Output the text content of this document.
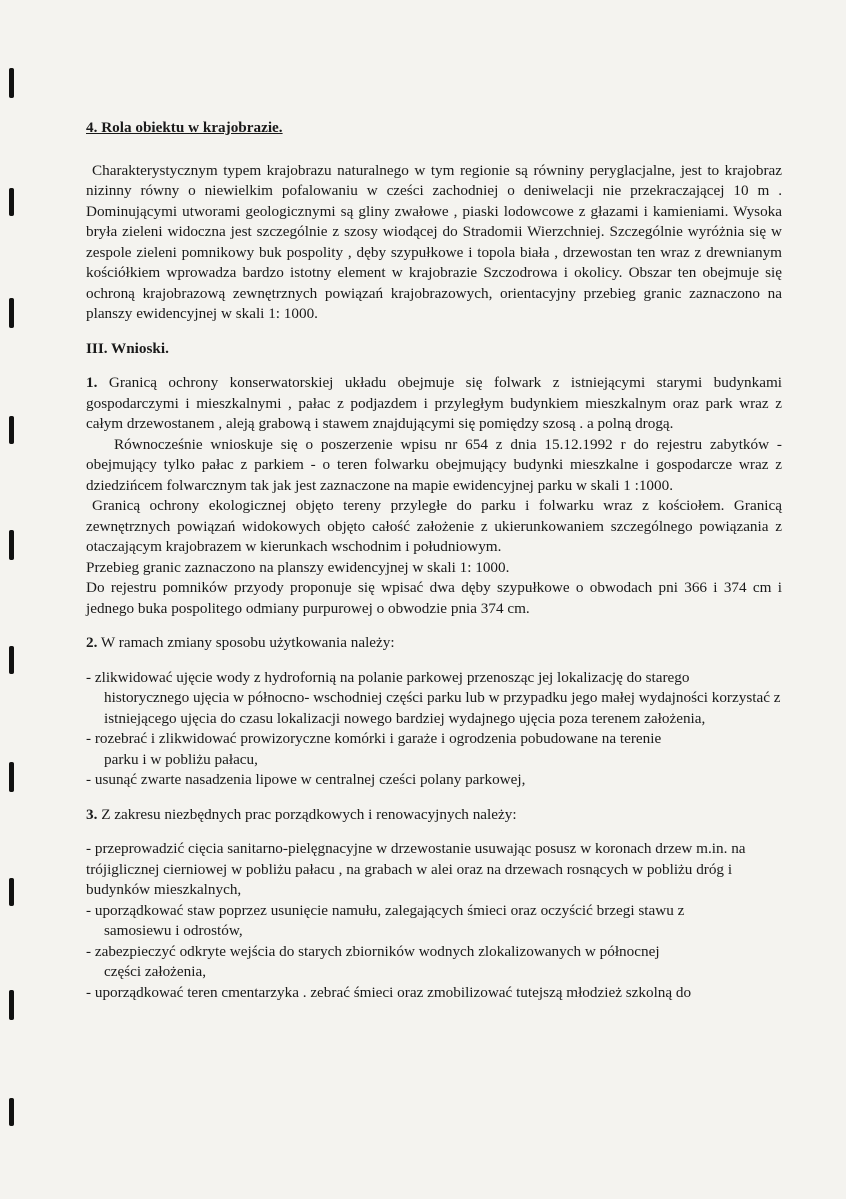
4. Rola obiektu w krajobrazie.

Charakterystycznym typem krajobrazu naturalnego w tym regionie są równiny peryglacjalne, jest to krajobraz nizinny równy o niewielkim pofalowaniu w cześci zachodniej o deniwelacji nie przekraczającej 10 m . Dominującymi utworami geologicznymi są gliny zwałowe , piaski lodowcowe z głazami i kamieniami. Wysoka bryła zieleni widoczna jest szczególnie z szosy wiodącej do Stradomii Wierzchniej. Szczególnie wyróżnia się w zespole zieleni pomnikowy buk pospolity , dęby szypułkowe i topola biała , drzewostan ten wraz z drewnianym kościółkiem wprowadza bardzo istotny element w krajobrazie Szczodrowa i okolicy. Obszar ten obejmuje się ochroną krajobrazową zewnętrznych powiązań krajobrazowych, orientacyjny przebieg granic zaznaczono na planszy ewidencyjnej w skali 1: 1000.

III. Wnioski.

1. Granicą ochrony konserwatorskiej układu obejmuje się folwark z istniejącymi starymi budynkami gospodarczymi i mieszkalnymi , pałac z podjazdem i przyległym budynkiem mieszkalnym oraz park wraz z całym drzewostanem , aleją grabową i stawem znajdującymi się pomiędzy szosą . a polną drogą.

Równocześnie wnioskuje się o poszerzenie wpisu nr 654 z dnia 15.12.1992 r do rejestru zabytków - obejmujący tylko pałac z parkiem - o teren folwarku obejmujący budynki mieszkalne i gospodarcze wraz z dziedzińcem folwarcznym tak jak jest zaznaczone na mapie ewidencyjnej parku w skali 1 :1000.

Granicą ochrony ekologicznej objęto tereny przyległe do parku i folwarku wraz z kościołem. Granicą zewnętrznych powiązań widokowych objęto całość założenie z ukierunkowaniem szczególnego powiązania z otaczającym krajobrazem w kierunkach wschodnim i południowym.

Przebieg granic zaznaczono na planszy ewidencyjnej w skali 1: 1000.

Do rejestru pomników przyody proponuje się wpisać dwa dęby szypułkowe o obwodach pni 366 i 374 cm i jednego buka pospolitego odmiany purpurowej o obwodzie pnia 374 cm.

2. W ramach zmiany sposobu użytkowania należy:

- zlikwidować ujęcie wody z hydrofornią na polanie parkowej przenosząc jej lokalizację do starego
historycznego ujęcia w północno- wschodniej części parku lub w przypadku jego małej wydajności korzystać z istniejącego ujęcia do czasu lokalizacji nowego bardziej wydajnego ujęcia poza terenem założenia,
- rozebrać i zlikwidować prowizoryczne komórki i garaże i ogrodzenia pobudowane na terenie
parku i w pobliżu pałacu,
- usunąć zwarte nasadzenia lipowe w centralnej cześci polany parkowej,

3. Z zakresu niezbędnych prac porządkowych i renowacyjnych należy:

- przeprowadzić cięcia sanitarno-pielęgnacyjne w drzewostanie usuwając posusz w koronach drzew m.in. na trójiglicznej cierniowej w pobliżu pałacu , na grabach w alei oraz na drzewach rosnących w pobliżu dróg i budynków mieszkalnych,
- uporządkować staw poprzez usunięcie namułu, zalegających śmieci oraz oczyścić brzegi stawu z
samosiewu i odrostów,
- zabezpieczyć odkryte wejścia do starych zbiorników wodnych zlokalizowanych w północnej
części założenia,
- uporządkować teren cmentarzyka . zebrać śmieci oraz zmobilizować tutejszą młodzież szkolną do
